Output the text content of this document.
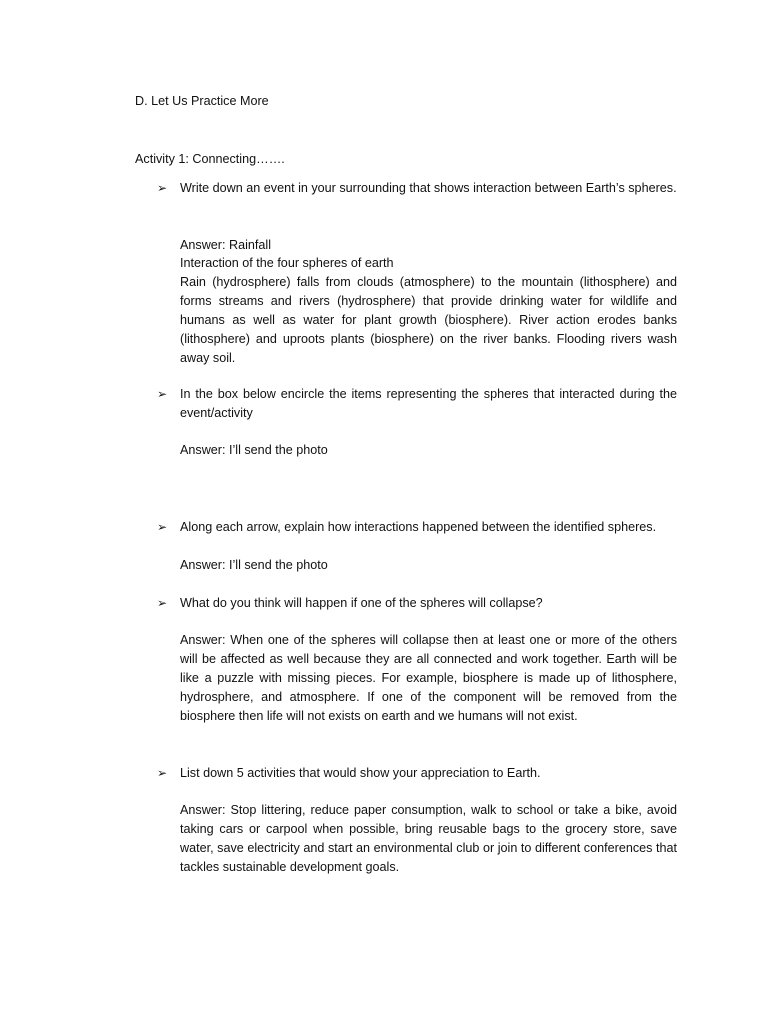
D. Let Us Practice More
Activity 1: Connecting…….
➢ Write down an event in your surrounding that shows interaction between Earth’s spheres.
Answer: Rainfall
Interaction of the four spheres of earth
Rain (hydrosphere) falls from clouds (atmosphere) to the mountain (lithosphere) and forms streams and rivers (hydrosphere) that provide drinking water for wildlife and humans as well as water for plant growth (biosphere). River action erodes banks (lithosphere) and uproots plants (biosphere) on the river banks. Flooding rivers wash away soil.
➢ In the box below encircle the items representing the spheres that interacted during the event/activity
Answer: I’ll send the photo
➢ Along each arrow, explain how interactions happened between the identified spheres.
Answer: I’ll send the photo
➢ What do you think will happen if one of the spheres will collapse?
Answer: When one of the spheres will collapse then at least one or more of the others will be affected as well because they are all connected and work together. Earth will be like a puzzle with missing pieces. For example, biosphere is made up of lithosphere, hydrosphere, and atmosphere. If one of the component will be removed from the biosphere then life will not exists on earth and we humans will not exist.
➢ List down 5 activities that would show your appreciation to Earth.
Answer: Stop littering, reduce paper consumption, walk to school or take a bike, avoid taking cars or carpool when possible, bring reusable bags to the grocery store, save water, save electricity and start an environmental club or join to different conferences that tackles sustainable development goals.
